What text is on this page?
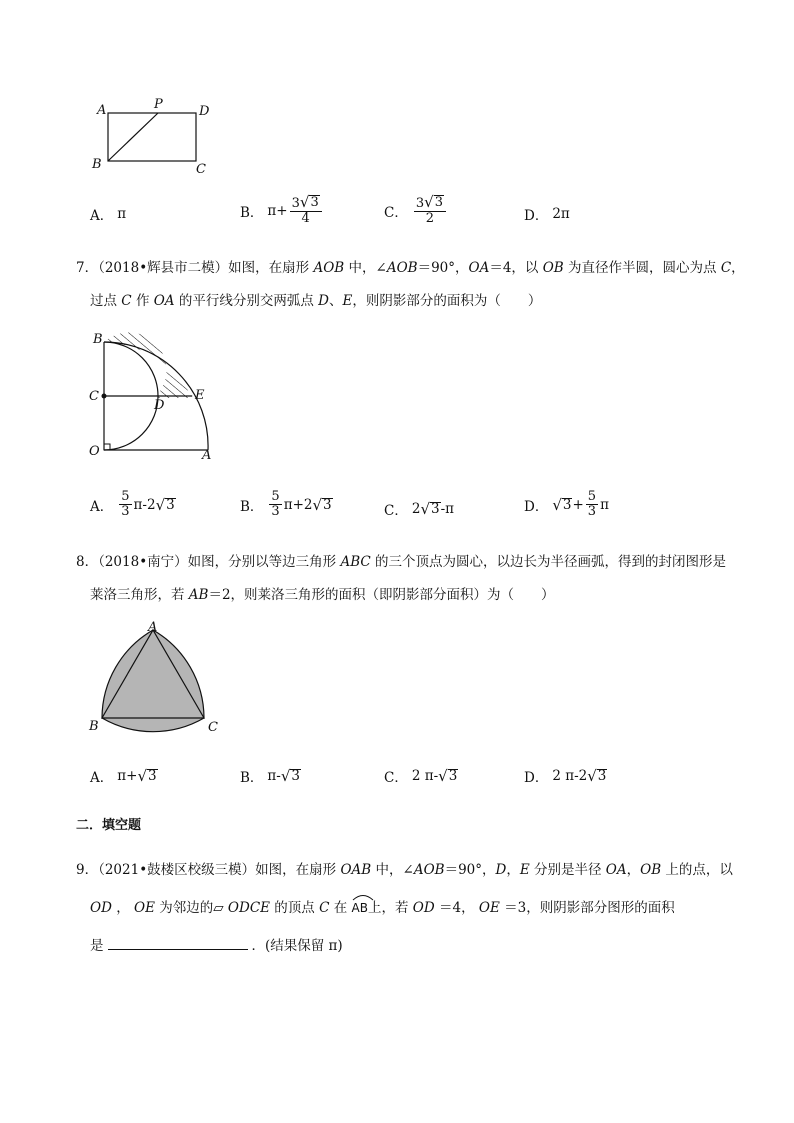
A	P	D
B	C
A． π	B． $\pi+ \frac{3 √ 3}{4}$	C． $\frac{3 √ 3}{2}$	D． 2π
7．（2018•辉县市二模）如图，在扇形 AOB 中，∠AOB＝90°，OA＝4，以 OB 为直径作半圆，圆心为点 C，
过点 C 作 OA 的平行线分别交两弧点 D、E，则阴影部分的面积为（　　）
B
C
D
E
O	A
A． $\frac{5}{3} \pi-2$ √ 3	B． $\frac{5}{3} \pi+2$ √ 3	C． 2 √ 3 -π	D． √ $3 + \frac{5}{3}$ π
8．（2018•南宁）如图，分别以等边三角形 ABC 的三个顶点为圆心，以边长为半径画弧，得到的封闭图形是
莱洛三角形，若 AB＝2，则莱洛三角形的面积（即阴影部分面积）为（　　）
A
B	C
A． π+ √ 3	B． π- √ 3	C． 2 π- √ 3	D． 2 π-2 √ 3
二．填空题
9．（2021•鼓楼区校级三模）如图，在扇形 OAB 中，∠AOB＝90°，D，E 分别是半径 OA，OB 上的点，以
OD ， OE 为邻边的▱ ODCE 的顶点 C 在 AB上，若 OD ＝4， OE ＝3，则阴影部分图形的面积
是	．(结果保留 π)
